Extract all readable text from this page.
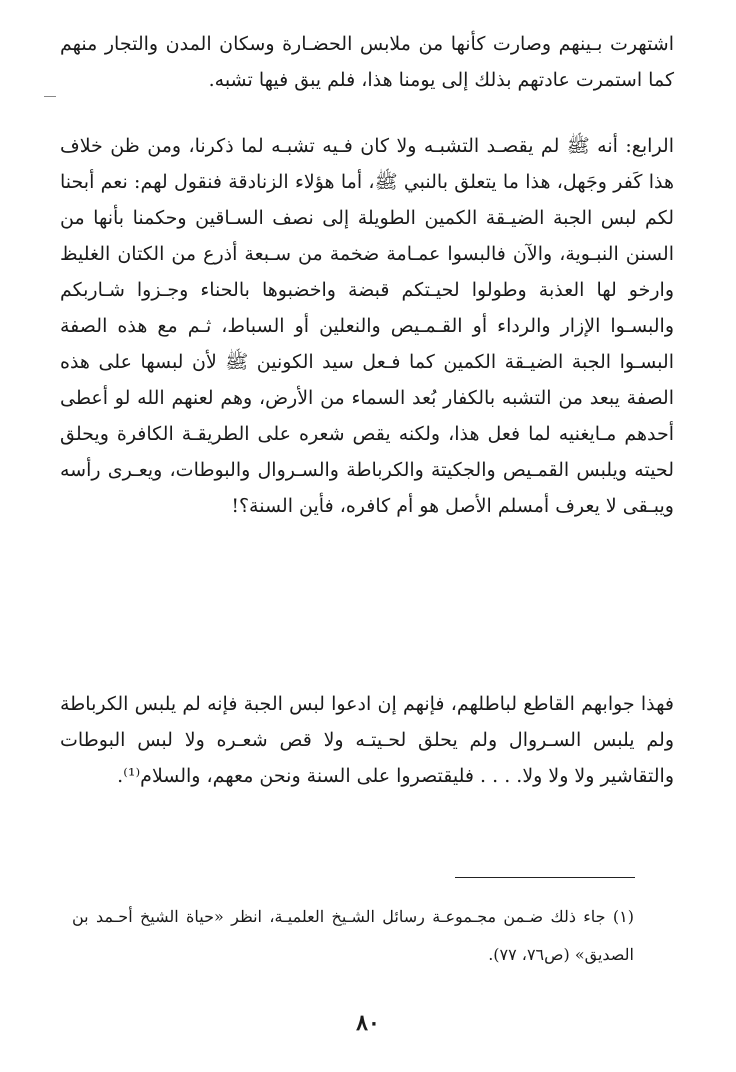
اشتهرت بـينهم وصارت كأنها من ملابس الحضـارة وسكان المدن والتجار منهم كما استمرت عادتهم بذلك إلى يومنا هذا، فلم يبق فيها تشبه.

الرابع: أنه ﷺ لم يقصـد التشبـه ولا كان فـيه تشبـه لما ذكرنا، ومن ظن خلاف هذا كَفر وجَهل، هذا ما يتعلق بالنبي ﷺ، أما هؤلاء الزنادقة فنقول لهم: نعم أبحنا لكم لبس الجبة الضيـقة الكمين الطويلة إلى نصف السـاقين وحكمنا بأنها من السنن النبـوية، والآن فالبسوا عمـامة ضخمة من سـبعة أذرع من الكتان الغليظ وارخو لها العذبة وطولوا لحيـتكم قبضة واخضبوها بالحناء وجـزوا شـاربكم والبسـوا الإزار والرداء أو القـمـيص والنعلين أو السباط، ثـم مع هذه الصفة البسـوا الجبة الضيـقة الكمين كما فـعل سيد الكونين ﷺ لأن لبسها على هذه الصفة يبعد من التشبه بالكفار بُعد السماء من الأرض، وهم لعنهم الله لو أعطى أحدهم مـايغنيه لما فعل هذا، ولكنه يقص شعره على الطريقـة الكافرة ويحلق لحيته ويلبس القمـيص والجكيتة والكرباطة والسـروال والبوطات، ويعـرى رأسه ويبـقى لا يعرف أمسلم الأصل هو أم كافره، فأين السنة؟!

فهذا جوابهم القاطع لباطلهم، فإنهم إن ادعوا لبس الجبة فإنه لم يلبس الكرباطة ولم يلبس السـروال ولم يحلق لحـيتـه ولا قص شعـره ولا لبس البوطات والتقاشير ولا ولا ولا. . . . فليقتصروا على السنة ونحن معهم، والسلام⁽¹⁾.

(١) جاء ذلك ضـمن مجـموعـة رسائل الشـيخ العلميـة، انظر «حياة الشيخ أحـمد بن الصديق» (ص٧٦، ٧٧).

٨٠
